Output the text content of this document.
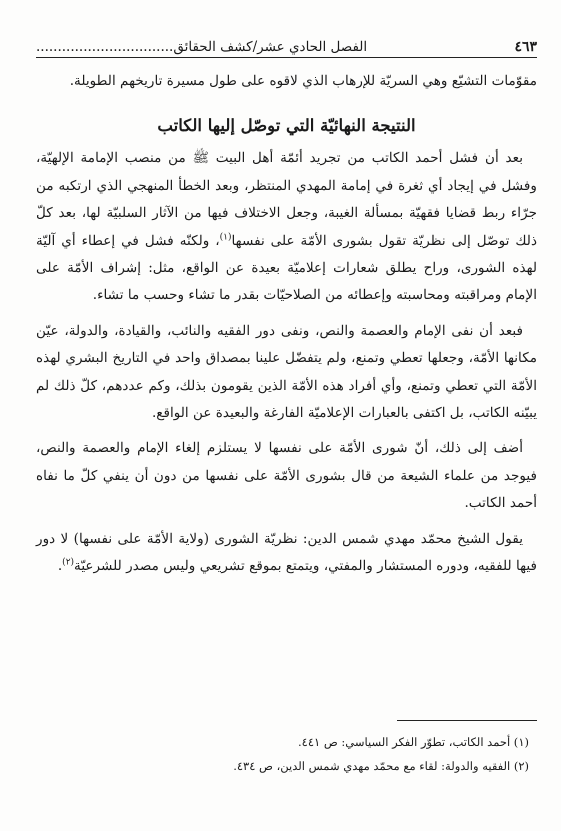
الفصل الحادي عشر/كشف الحقائق................................	٤٦٣

مقوّمات التشيّع وهي السريّة للإرهاب الذي لاقوه على طول مسيرة تاريخهم الطويلة.

النتيجة النهائيّة التي توصّل إليها الكاتب

بعد أن فشل أحمد الكاتب من تجريد أئمّة أهل البيت ﷺ من منصب الإمامة الإلهيّة، وفشل في إيجاد أي ثغرة في إمامة المهدي المنتظر، وبعد الخطأ المنهجي الذي ارتكبه من جرّاء ربط قضايا فقهيّة بمسألة الغيبة، وجعل الاختلاف فيها من الآثار السلبيّة لها، بعد كلّ ذلك توصّل إلى نظريّة تقول بشورى الأمّة على نفسها$^{(١)}$، ولكنّه فشل في إعطاء أي آليّة لهذه الشورى، وراح يطلق شعارات إعلاميّة بعيدة عن الواقع، مثل: إشراف الأمّة على الإمام ومراقبته ومحاسبته وإعطائه من الصلاحيّات بقدر ما تشاء وحسب ما تشاء.

فبعد أن نفى الإمام والعصمة والنص، ونفى دور الفقيه والنائب، والقيادة، والدولة، عيّن مكانها الأمّة، وجعلها تعطي وتمنع، ولم يتفضّل علينا بمصداق واحد في التاريخ البشري لهذه الأمّة التي تعطي وتمنع، وأي أفراد هذه الأمّة الذين يقومون بذلك، وكم عددهم، كلّ ذلك لم يبيّنه الكاتب، بل اكتفى بالعبارات الإعلاميّة الفارغة والبعيدة عن الواقع.

أضف إلى ذلك، أنّ شورى الأمّة على نفسها لا يستلزم إلغاء الإمام والعصمة والنص، فيوجد من علماء الشيعة من قال بشورى الأمّة على نفسها من دون أن ينفي كلّ ما نفاه أحمد الكاتب.

يقول الشيخ محمّد مهدي شمس الدين: نظريّة الشورى (ولاية الأمّة على نفسها) لا دور فيها للفقيه، ودوره المستشار والمفتي، ويتمتع بموقع تشريعي وليس مصدر للشرعيّة$^{(٢)}$.

(١) أحمد الكاتب، تطوّر الفكر السياسي: ص ٤٤١.

(٢) الفقيه والدولة: لقاء مع محمّد مهدي شمس الدين، ص ٤٣٤.
